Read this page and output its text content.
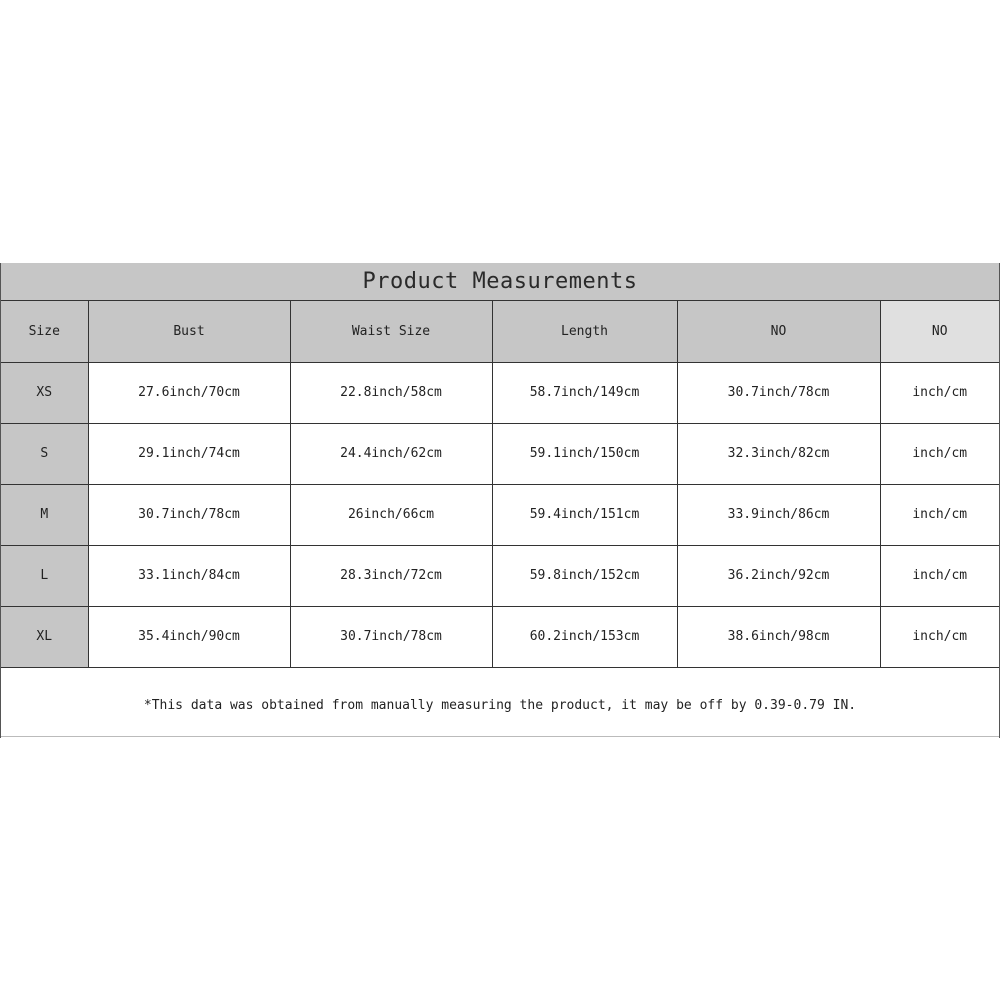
Product Measurements
Size	Bust	Waist Size	Length	NO	NO
XS	27.6inch/70cm	22.8inch/58cm	58.7inch/149cm	30.7inch/78cm	inch/cm
S	29.1inch/74cm	24.4inch/62cm	59.1inch/150cm	32.3inch/82cm	inch/cm
M	30.7inch/78cm	26inch/66cm	59.4inch/151cm	33.9inch/86cm	inch/cm
L	33.1inch/84cm	28.3inch/72cm	59.8inch/152cm	36.2inch/92cm	inch/cm
XL	35.4inch/90cm	30.7inch/78cm	60.2inch/153cm	38.6inch/98cm	inch/cm
*This data was obtained from manually measuring the product, it may be off by 0.39-0.79 IN.
